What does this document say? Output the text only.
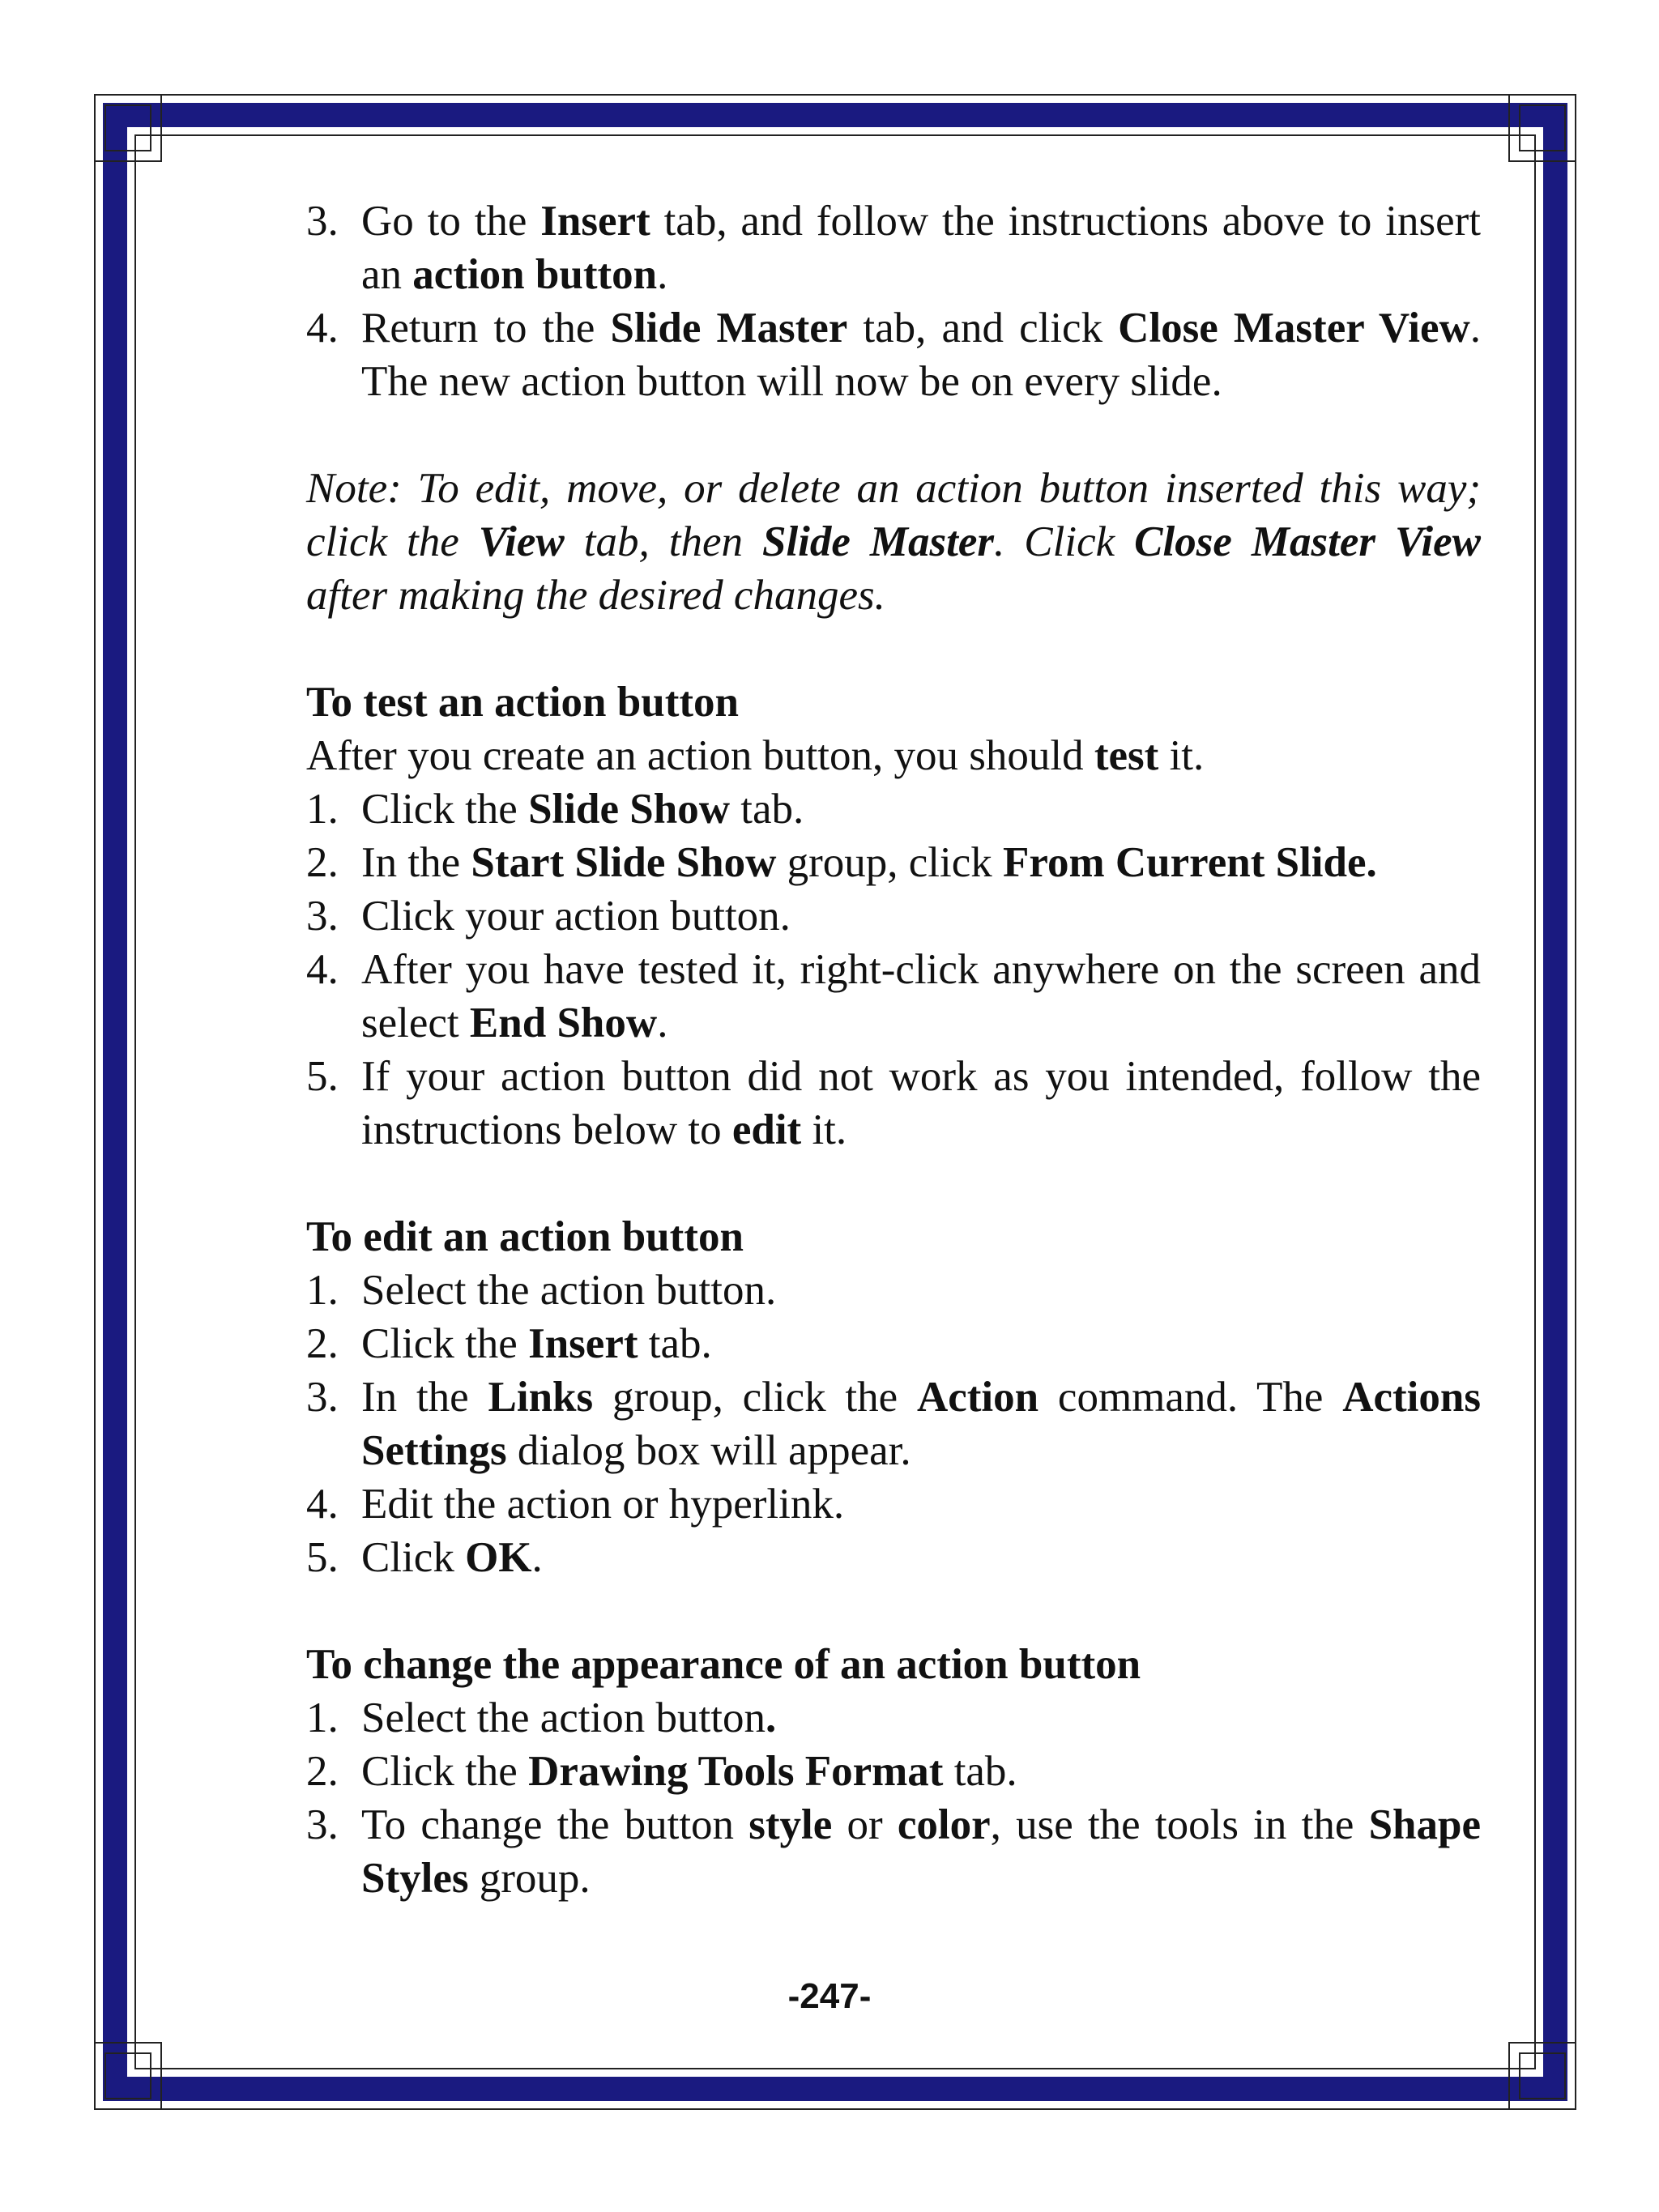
3. Go to the Insert tab, and follow the instructions above to insert an action button.
4. Return to the Slide Master tab, and click Close Master View. The new action button will now be on every slide.

Note: To edit, move, or delete an action button inserted this way; click the View tab, then Slide Master. Click Close Master View after making the desired changes.

To test an action button

After you create an action button, you should test it.

1. Click the Slide Show tab.
2. In the Start Slide Show group, click From Current Slide.
3. Click your action button.
4. After you have tested it, right-click anywhere on the screen and select End Show.
5. If your action button did not work as you intended, follow the instructions below to edit it.

To edit an action button

1. Select the action button.
2. Click the Insert tab.
3. In the Links group, click the Action command. The Actions Settings dialog box will appear.
4. Edit the action or hyperlink.
5. Click OK.

To change the appearance of an action button

1. Select the action button.
2. Click the Drawing Tools Format tab.
3. To change the button style or color, use the tools in the Shape Styles group.
-247-
